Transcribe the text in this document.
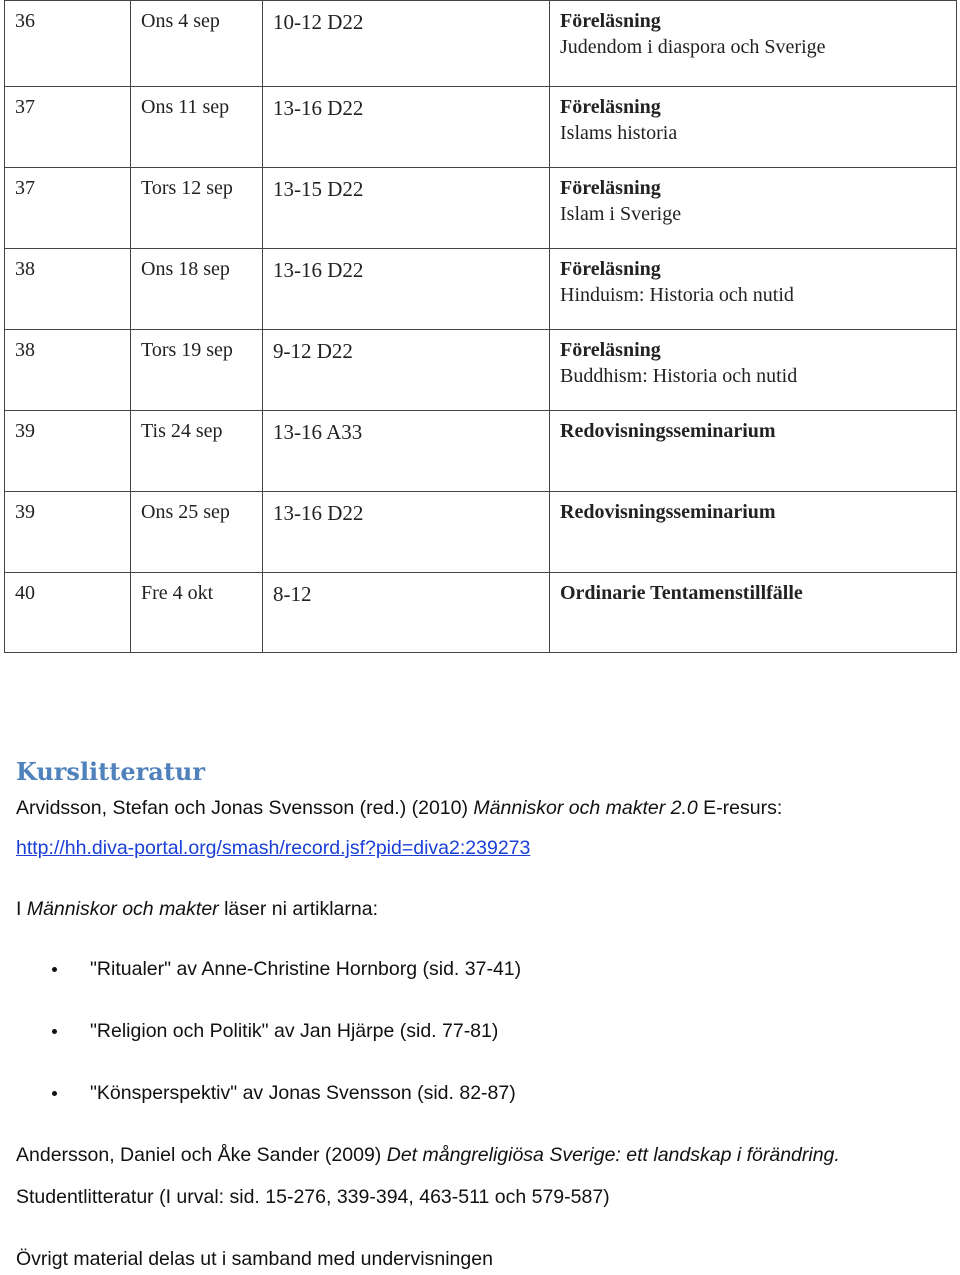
36	Ons 4 sep	10-12 D22	Föreläsning
Judendom i diaspora och Sverige

37	Ons 11 sep	13-16 D22	Föreläsning
Islams historia

37	Tors 12 sep	13-15 D22	Föreläsning
Islam i Sverige

38	Ons 18 sep	13-16 D22	Föreläsning
Hinduism: Historia och nutid

38	Tors 19 sep	9-12 D22	Föreläsning
Buddhism: Historia och nutid

39	Tis 24 sep	13-16 A33	Redovisningsseminarium

39	Ons 25 sep	13-16 D22	Redovisningsseminarium

40	Fre 4 okt	8-12	Ordinarie Tentamenstillfälle
Kurslitteratur

Arvidsson, Stefan och Jonas Svensson (red.) (2010) Människor och makter 2.0 E-resurs:

http://hh.diva-portal.org/smash/record.jsf?pid=diva2:239273

I Människor och makter läser ni artiklarna:

"Ritualer" av Anne-Christine Hornborg (sid. 37-41)
"Religion och Politik" av Jan Hjärpe (sid. 77-81)
"Könsperspektiv" av Jonas Svensson (sid. 82-87)

Andersson, Daniel och Åke Sander (2009) Det mångreligiösa Sverige: ett landskap i förändring.

Studentlitteratur (I urval: sid. 15-276, 339-394, 463-511 och 579-587)

Övrigt material delas ut i samband med undervisningen
